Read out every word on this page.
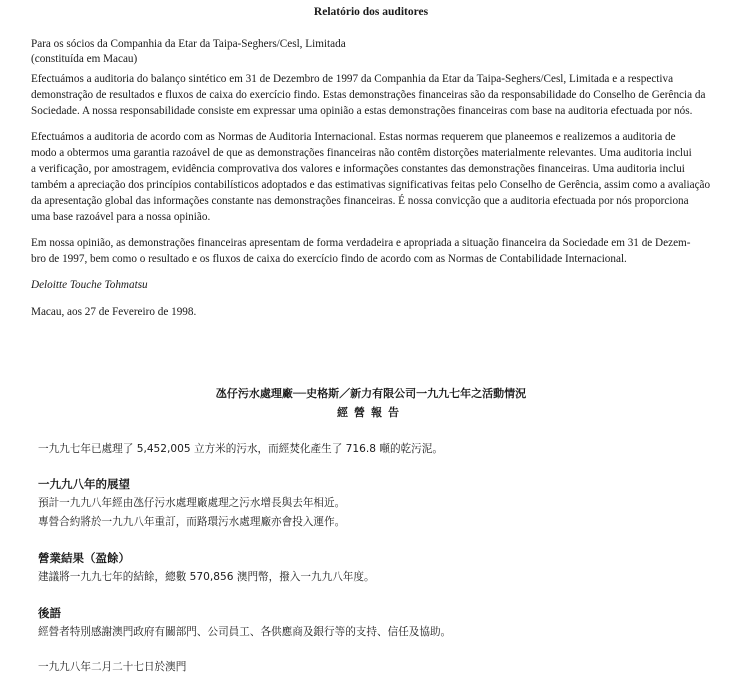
Relatório dos auditores
Para os sócios da Companhia da Etar da Taipa-Seghers/Cesl, Limitada
(constituída em Macau)
Efectuámos a auditoria do balanço sintético em 31 de Dezembro de 1997 da Companhia da Etar da Taipa-Seghers/Cesl, Limitada e a respectiva
demonstração de resultados e fluxos de caixa do exercício findo. Estas demonstrações financeiras são da responsabilidade do Conselho de Gerência da
Sociedade. A nossa responsabilidade consiste em expressar uma opinião a estas demonstrações financeiras com base na auditoria efectuada por nós.
Efectuámos a auditoria de acordo com as Normas de Auditoria Internacional. Estas normas requerem que planeemos e realizemos a auditoria de
modo a obtermos uma garantia razoável de que as demonstrações financeiras não contêm distorções materialmente relevantes. Uma auditoria inclui
a verificação, por amostragem, evidência comprovativa dos valores e informações constantes das demonstrações financeiras. Uma auditoria inclui
também a apreciação dos princípios contabilísticos adoptados e das estimativas significativas feitas pelo Conselho de Gerência, assim como a avaliação
da apresentação global das informações constante nas demonstrações financeiras. É nossa convicção que a auditoria efectuada por nós proporciona
uma base razoável para a nossa opinião.
Em nossa opinião, as demonstrações financeiras apresentam de forma verdadeira e apropriada a situação financeira da Sociedade em 31 de Dezem-
bro de 1997, bem como o resultado e os fluxos de caixa do exercício findo de acordo com as Normas de Contabilidade Internacional.
Deloitte Touche Tohmatsu
Macau, aos 27 de Fevereiro de 1998.
氹仔污水處理廠──史格斯／新力有限公司一九九七年之活動情況
經營報告
一九九七年已處理了 5,452,005 立方米的污水，而經焚化產生了 716.8 噸的乾污泥。
一九九八年的展望
預計一九九八年經由氹仔污水處理廠處理之污水增長與去年相近。
專營合約將於一九九八年重訂，而路環污水處理廠亦會投入運作。
營業結果（盈餘）
建議將一九九七年的結餘，總數 570,856 澳門幣，撥入一九九八年度。
後語
經營者特別感謝澳門政府有關部門、公司員工、各供應商及銀行等的支持、信任及協助。
一九九八年二月二十七日於澳門
